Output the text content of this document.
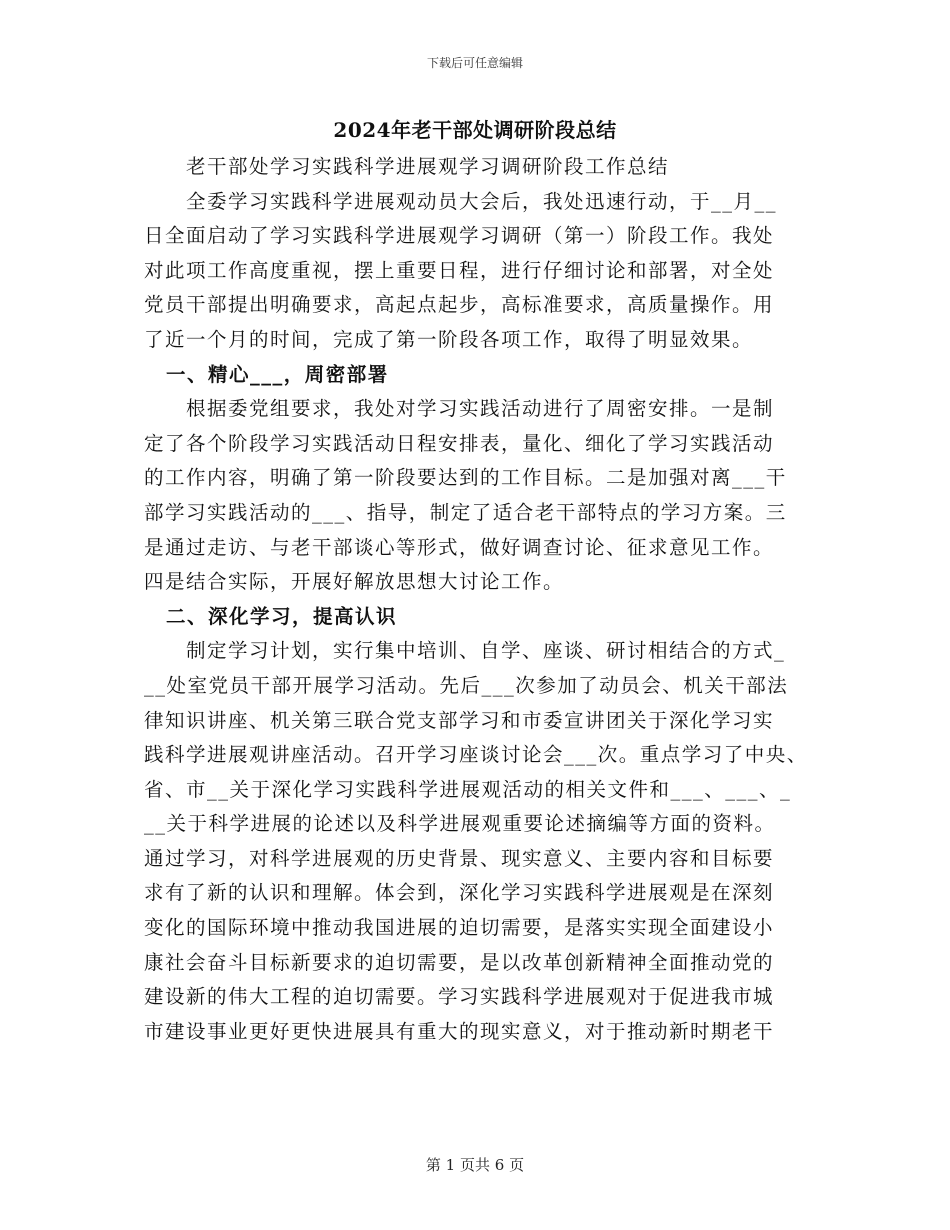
下载后可任意编辑
2024年老干部处调研阶段总结
老干部处学习实践科学进展观学习调研阶段工作总结
全委学习实践科学进展观动员大会后，我处迅速行动，于__月__
日全面启动了学习实践科学进展观学习调研（第一）阶段工作。我处
对此项工作高度重视，摆上重要日程，进行仔细讨论和部署，对全处
党员干部提出明确要求，高起点起步，高标准要求，高质量操作。用
了近一个月的时间，完成了第一阶段各项工作，取得了明显效果。
一、精心___，周密部署
根据委党组要求，我处对学习实践活动进行了周密安排。一是制
定了各个阶段学习实践活动日程安排表，量化、细化了学习实践活动
的工作内容，明确了第一阶段要达到的工作目标。二是加强对离___干
部学习实践活动的___、指导，制定了适合老干部特点的学习方案。三
是通过走访、与老干部谈心等形式，做好调查讨论、征求意见工作。
四是结合实际，开展好解放思想大讨论工作。
二、深化学习，提高认识
制定学习计划，实行集中培训、自学、座谈、研讨相结合的方式_
__处室党员干部开展学习活动。先后___次参加了动员会、机关干部法
律知识讲座、机关第三联合党支部学习和市委宣讲团关于深化学习实
践科学进展观讲座活动。召开学习座谈讨论会___次。重点学习了中央、
省、市__关于深化学习实践科学进展观活动的相关文件和___、___、_
__关于科学进展的论述以及科学进展观重要论述摘编等方面的资料。
通过学习，对科学进展观的历史背景、现实意义、主要内容和目标要
求有了新的认识和理解。体会到，深化学习实践科学进展观是在深刻
变化的国际环境中推动我国进展的迫切需要，是落实实现全面建设小
康社会奋斗目标新要求的迫切需要，是以改革创新精神全面推动党的
建设新的伟大工程的迫切需要。学习实践科学进展观对于促进我市城
市建设事业更好更快进展具有重大的现实意义，对于推动新时期老干
第 1 页共 6 页
